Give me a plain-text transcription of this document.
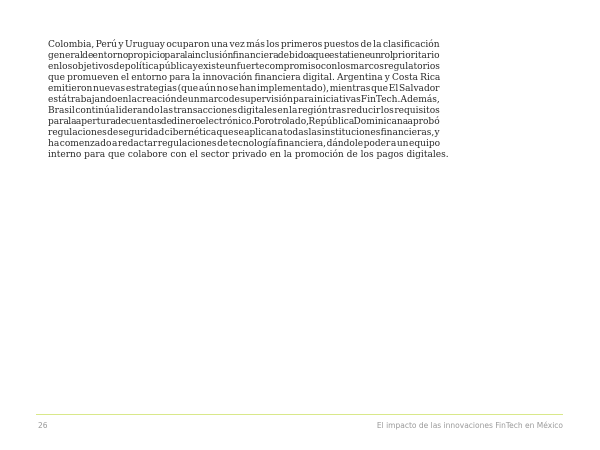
Colombia, Perú y Uruguay ocuparon una vez más los primeros puestos de la clasificación
general de entorno propicio para la inclusión financiera debido a que esta tiene un rol prioritario
en los objetivos de política pública y existe un fuerte compromiso con los marcos regulatorios
que promueven el entorno para la innovación financiera digital. Argentina y Costa Rica
emitieron nuevas estrategias (que aún no se han implementado), mientras que El Salvador
está trabajando en la creación de un marco de supervisión para iniciativas FinTech. Además,
Brasil continúa liderando las transacciones digitales en la región tras reducir los requisitos
para la apertura de cuentas de dinero electrónico. Por otro lado, República Dominicana aprobó
regulaciones de seguridad cibernética que se aplican a todas las instituciones financieras, y
ha comenzado a redactar regulaciones de tecnología financiera, dándole poder a un equipo
interno para que colabore con el sector privado en la promoción de los pagos digitales.
26	El impacto de las innovaciones FinTech en México
